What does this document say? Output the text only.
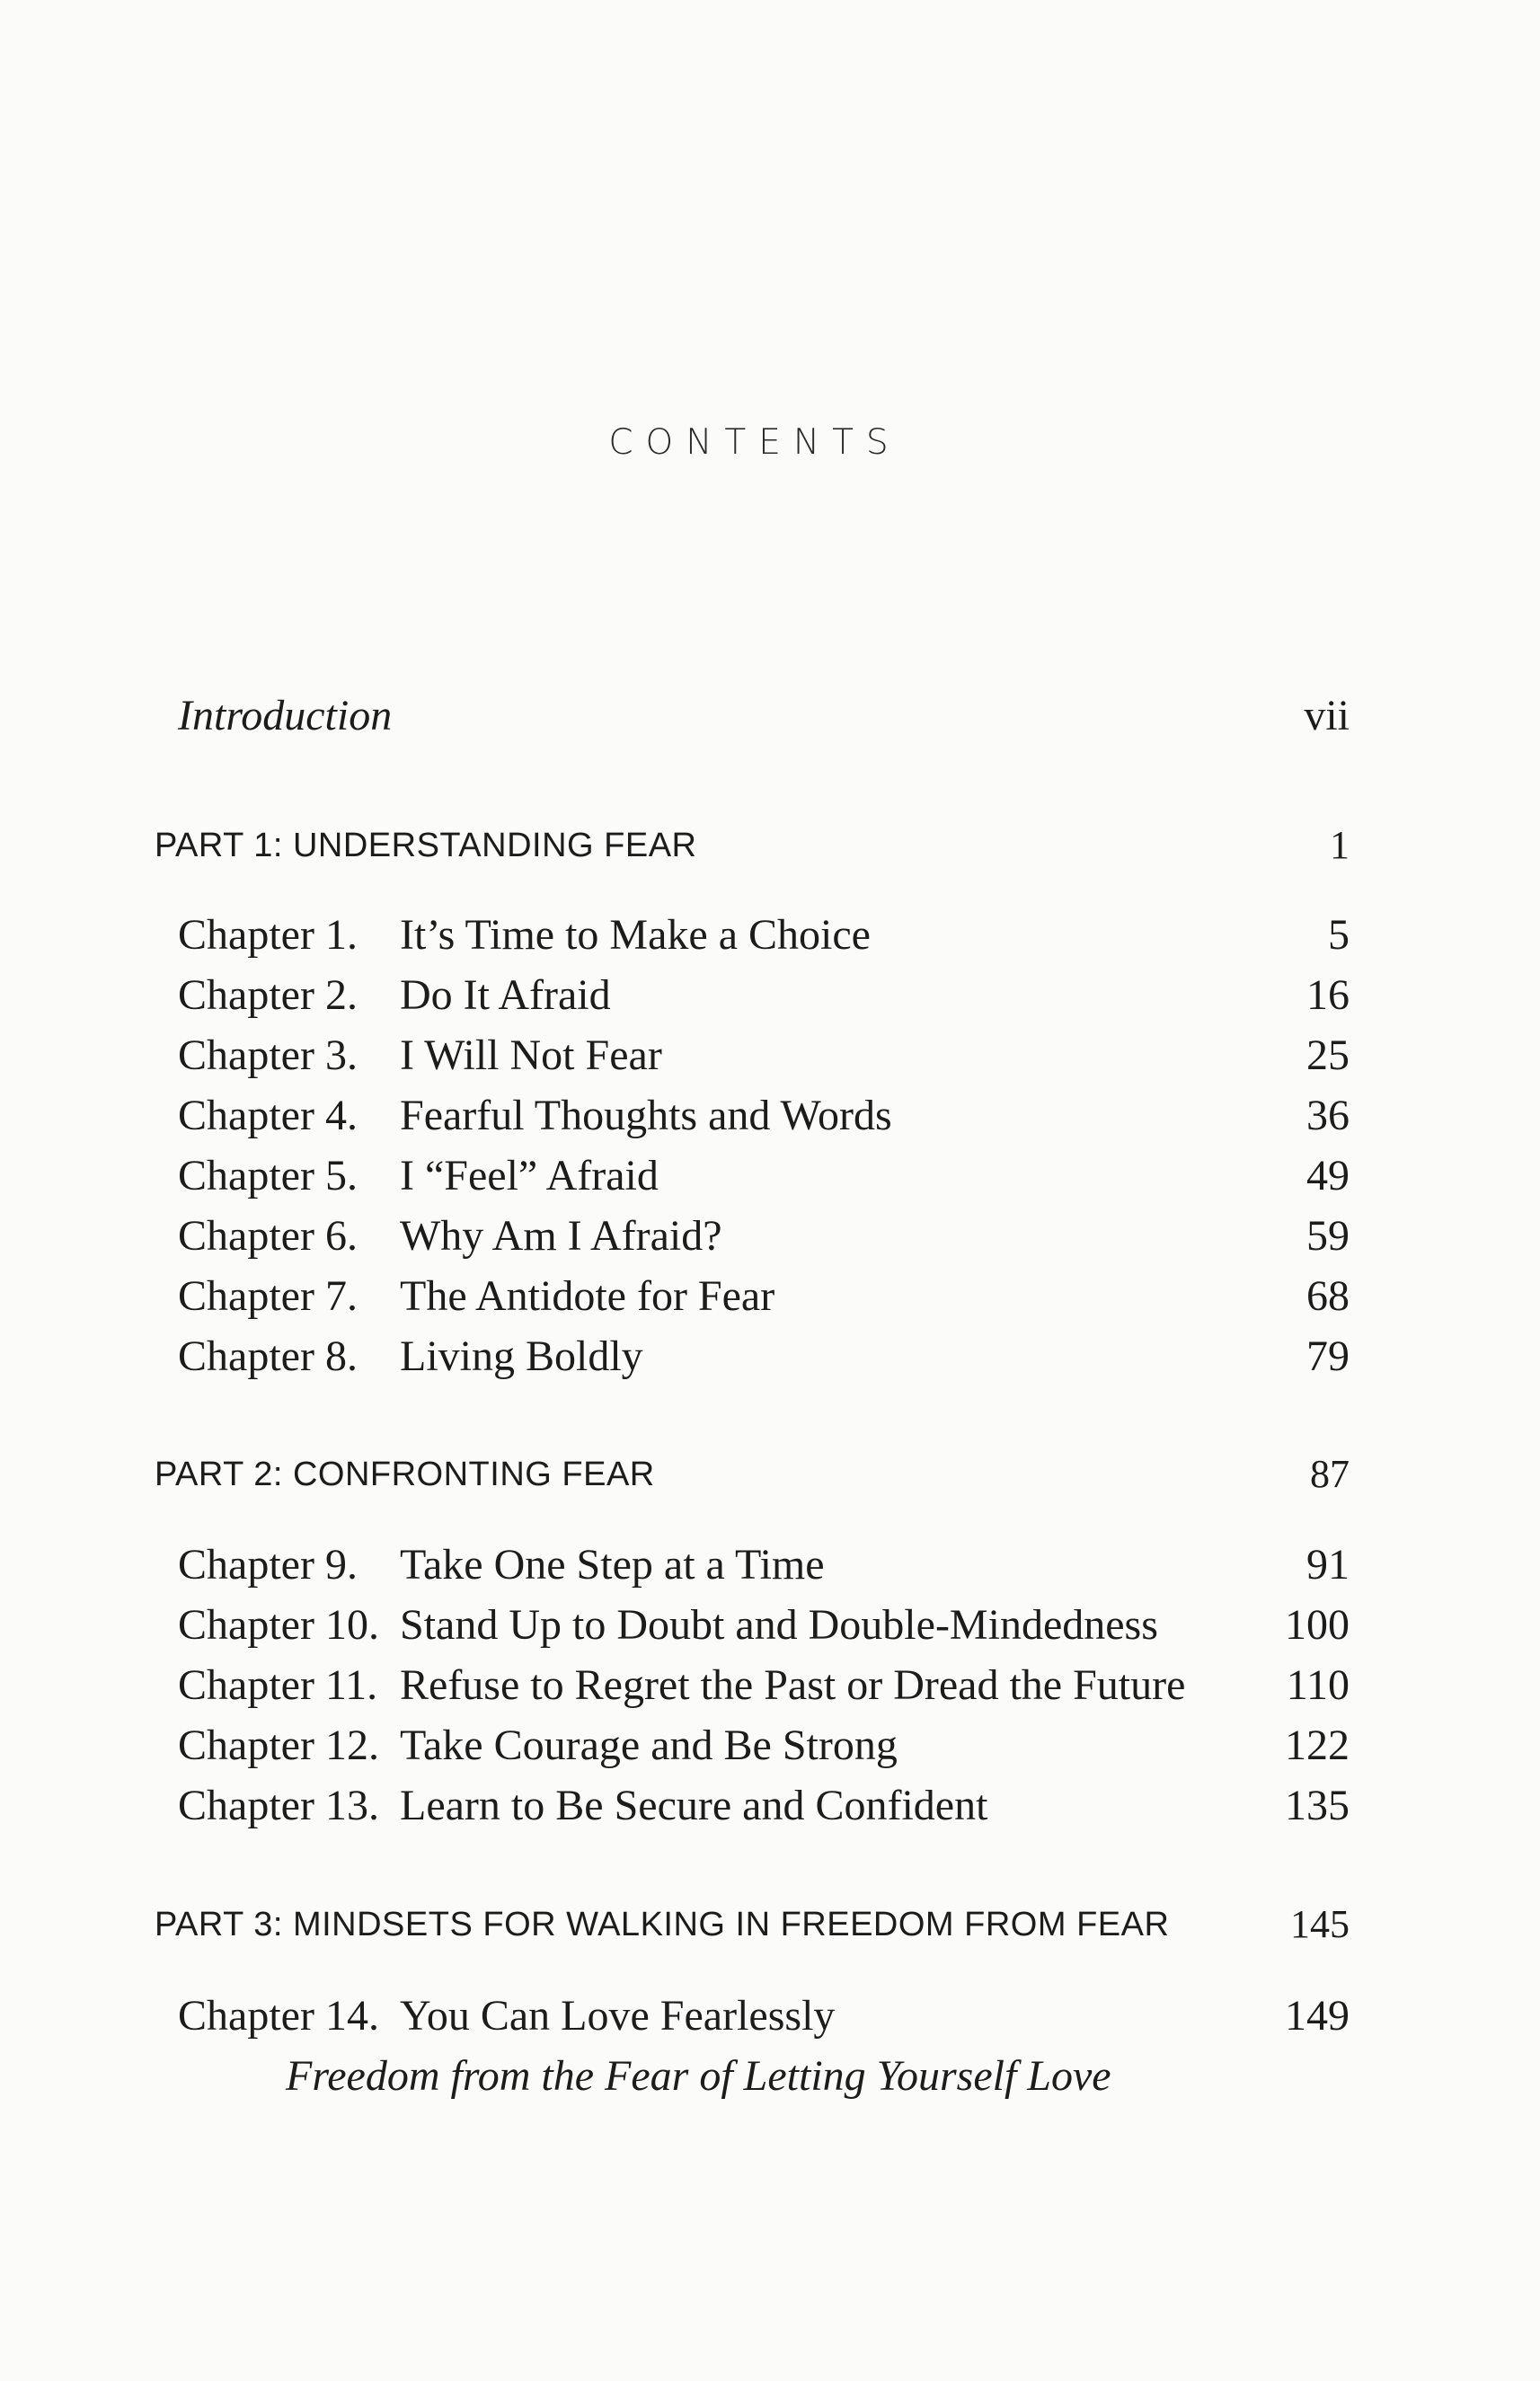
CONTENTS
Introduction	vii
PART 1: UNDERSTANDING FEAR	1
Chapter 1. It’s Time to Make a Choice	5
Chapter 2. Do It Afraid	16
Chapter 3. I Will Not Fear	25
Chapter 4. Fearful Thoughts and Words	36
Chapter 5. I “Feel” Afraid	49
Chapter 6. Why Am I Afraid?	59
Chapter 7. The Antidote for Fear	68
Chapter 8. Living Boldly	79
PART 2: CONFRONTING FEAR	87
Chapter 9. Take One Step at a Time	91
Chapter 10. Stand Up to Doubt and Double-Mindedness	100
Chapter 11. Refuse to Regret the Past or Dread the Future 110
Chapter 12. Take Courage and Be Strong	122
Chapter 13. Learn to Be Secure and Confident	135
PART 3: MINDSETS FOR WALKING IN FREEDOM FROM FEAR	145
Chapter 14. You Can Love Fearlessly	149
Freedom from the Fear of Letting Yourself Love
